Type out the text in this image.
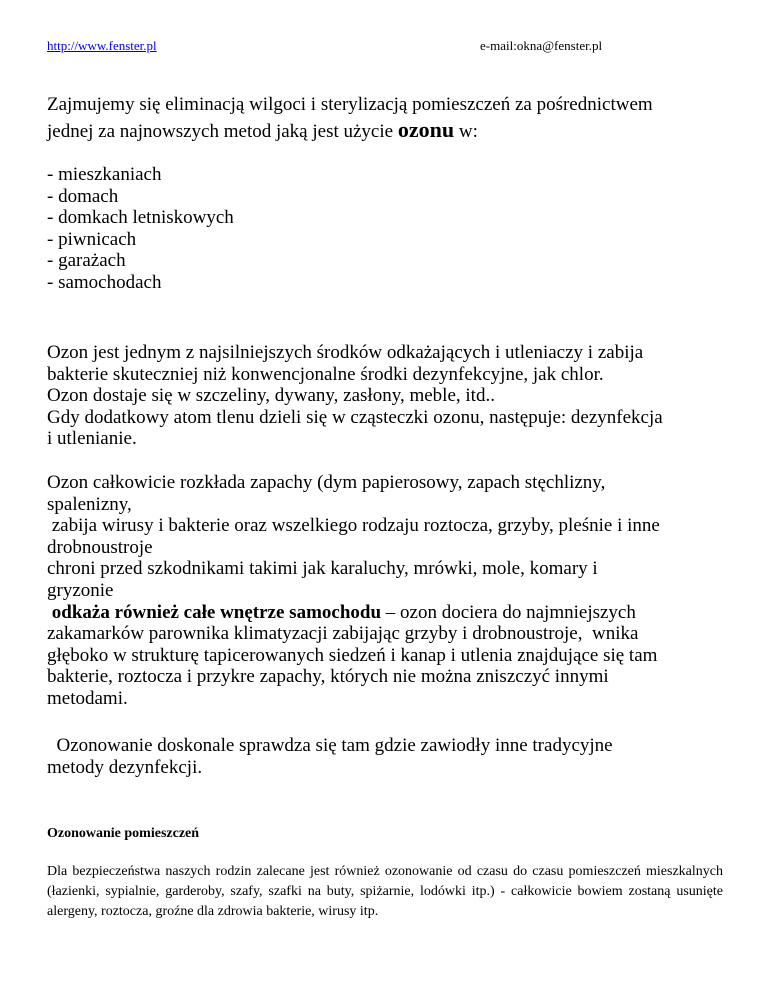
http://www.fenster.pl	e-mail:okna@fenster.pl

Zajmujemy się eliminacją wilgoci i sterylizacją pomieszczeń za pośrednictwem
jednej za najnowszych metod jaką jest użycie ozonu w:

- mieszkaniach
- domach
- domkach letniskowych
- piwnicach
- garażach
- samochodach

Ozon jest jednym z najsilniejszych środków odkażających i utleniaczy i zabija
bakterie skuteczniej niż konwencjonalne środki dezynfekcyjne, jak chlor.
Ozon dostaje się w szczeliny, dywany, zasłony, meble, itd..
Gdy dodatkowy atom tlenu dzieli się w cząsteczki ozonu, następuje: dezynfekcja
i utlenianie.

Ozon całkowicie rozkłada zapachy (dym papierosowy, zapach stęchlizny,
spalenizny,
zabija wirusy i bakterie oraz wszelkiego rodzaju roztocza, grzyby, pleśnie i inne
drobnoustroje
chroni przed szkodnikami takimi jak karaluchy, mrówki, mole, komary i
gryzonie
odkaża również całe wnętrze samochodu – ozon dociera do najmniejszych
zakamarków parownika klimatyzacji zabijając grzyby i drobnoustroje,  wnika
głęboko w strukturę tapicerowanych siedzeń i kanap i utlenia znajdujące się tam
bakterie, roztocza i przykre zapachy, których nie można zniszczyć innymi
metodami.

Ozonowanie doskonale sprawdza się tam gdzie zawiodły inne tradycyjne
metody dezynfekcji.

Ozonowanie pomieszczeń

Dla bezpieczeństwa naszych rodzin zalecane jest również ozonowanie od czasu do czasu pomieszczeń mieszkalnych (łazienki, sypialnie, garderoby, szafy, szafki na buty, spiżarnie, lodówki itp.) - całkowicie bowiem zostaną usunięte alergeny, roztocza, groźne dla zdrowia bakterie, wirusy itp.
